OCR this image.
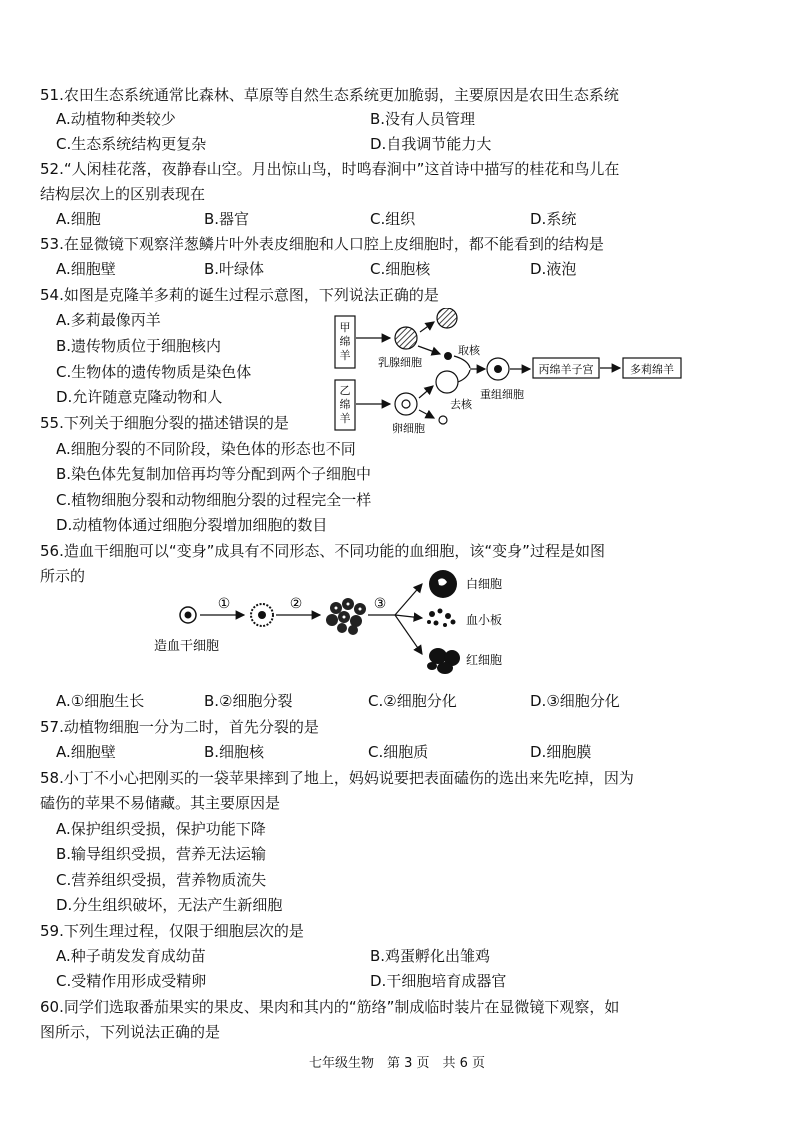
51.农田生态系统通常比森林、草原等自然生态系统更加脆弱，主要原因是农田生态系统
A.动植物种类较少	B.没有人员管理
C.生态系统结构更复杂	D.自我调节能力大
52.“人闲桂花落，夜静春山空。月出惊山鸟，时鸣春涧中”这首诗中描写的桂花和鸟儿在
结构层次上的区别表现在
A.细胞	B.器官	C.组织	D.系统
53.在显微镜下观察洋葱鳞片叶外表皮细胞和人口腔上皮细胞时，都不能看到的结构是
A.细胞壁	B.叶绿体	C.细胞核	D.液泡
54.如图是克隆羊多莉的诞生过程示意图，下列说法正确的是
A.多莉最像丙羊
B.遗传物质位于细胞核内
C.生物体的遗传物质是染色体
D.允许随意克隆动物和人
甲
绵
羊
乳腺细胞
取核
乙
绵
羊
卵细胞
去核
重组细胞
丙绵羊子宫	多莉绵羊
55.下列关于细胞分裂的描述错误的是
A.细胞分裂的不同阶段，染色体的形态也不同
B.染色体先复制加倍再均等分配到两个子细胞中
C.植物细胞分裂和动物细胞分裂的过程完全一样
D.动植物体通过细胞分裂增加细胞的数目
56.造血干细胞可以“变身”成具有不同形态、不同功能的血细胞，该“变身”过程是如图
所示的
①	②	③
白细胞
血小板
红细胞
造血干细胞
A.①细胞生长	B.②细胞分裂	C.②细胞分化	D.③细胞分化
57.动植物细胞一分为二时，首先分裂的是
A.细胞壁	B.细胞核	C.细胞质	D.细胞膜
58.小丁不小心把刚买的一袋苹果摔到了地上，妈妈说要把表面磕伤的选出来先吃掉，因为
磕伤的苹果不易储藏。其主要原因是
A.保护组织受损，保护功能下降
B.输导组织受损，营养无法运输
C.营养组织受损，营养物质流失
D.分生组织破坏，无法产生新细胞
59.下列生理过程，仅限于细胞层次的是
A.种子萌发发育成幼苗	B.鸡蛋孵化出雏鸡
C.受精作用形成受精卵	D.干细胞培育成器官
60.同学们选取番茄果实的果皮、果肉和其内的“筋络”制成临时装片在显微镜下观察，如
图所示，下列说法正确的是
七年级生物　第 3 页　共 6 页
